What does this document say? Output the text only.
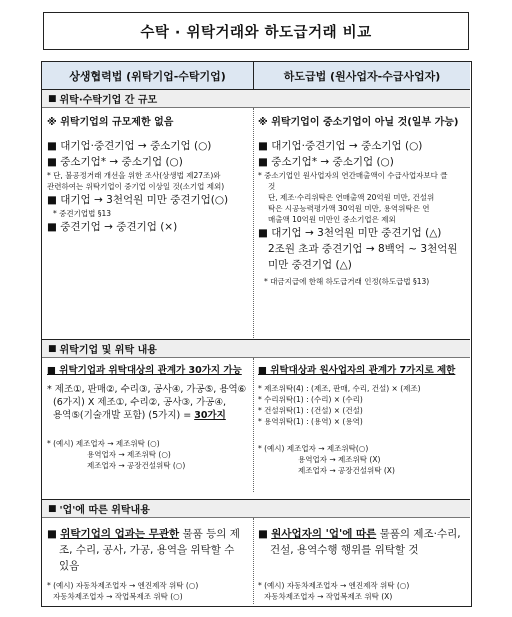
수탁 · 위탁거래와 하도급거래 비교
상생협력법 (위탁기업-수탁기업)	하도급법 (원사업자-수급사업자)
■ 위탁·수탁기업 간 규모
※ 위탁기업의 규모제한 없음
■ 대기업·중견기업 → 중소기업 (○)
■ 중소기업* → 중소기업 (○)
* 단, 불공정거래 개선을 위한 조사(상생법 제27조)와
관련하여는 위탁기업이 중기업 이상일 것(소기업 제외)
■ 대기업 → 3천억원 미만 중견기업(○)
* 중견기업법 §13
■ 중견기업 → 중견기업 (×)
※ 위탁기업이 중소기업이 아닐 것(일부 가능)
■ 대기업·중견기업 → 중소기업 (○)
■ 중소기업* → 중소기업 (○)
* 중소기업인 원사업자의 연간매출액이 수급사업자보다 클
것
단, 제조·수리위탁은 연매출액 20억원 미만, 건설위
탁은 시공능력평가액 30억원 미만, 용역위탁은 연
매출액 10억원 미만인 중소기업은 제외
■ 대기업 → 3천억원 미만 중견기업 (△)
2조원 초과 중견기업 → 8백억 ~ 3천억원
미만 중견기업 (△)
* 대금지급에 한해 하도급거래 인정(하도급법 §13)
■ 위탁기업 및 위탁 내용
■ 위탁기업과 위탁대상의 관계가 30가지 가능
* 제조①, 판매②, 수리③, 공사④, 가공⑤, 용역⑥
(6가지) X 제조①, 수리②, 공사③, 가공④,
용역⑤(기술개발 포함) (5가지) = 30가지
* (예시) 제조업자 → 제조위탁 (○)
용역업자 → 제조위탁 (○)
제조업자 → 공장건설위탁 (○)
■ 위탁대상과 원사업자의 관계가 7가지로 제한
* 제조위탁(4) : (제조, 판매, 수리, 건설) × (제조)
* 수리위탁(1) : (수리) × (수리)
* 건설위탁(1) : (건설) × (건설)
* 용역위탁(1) : (용역) × (용역)
* (예시) 제조업자 → 제조위탁(○)
용역업자 → 제조위탁 (X)
제조업자 → 공장건설위탁 (X)
■ '업'에 따른 위탁내용
■ 위탁기업의 업과는 무관한 물품 등의 제
조, 수리, 공사, 가공, 용역을 위탁할 수
있음
* (예시) 자동차제조업자 → 엔진제작 위탁 (○)
자동차제조업자 → 작업복제조 위탁 (○)
■ 원사업자의 '업'에 따른 물품의 제조·수리,
건설, 용역수행 행위를 위탁할 것
* (예시) 자동차제조업자 → 엔진제작 위탁 (○)
자동차제조업자 → 작업복제조 위탁 (X)
